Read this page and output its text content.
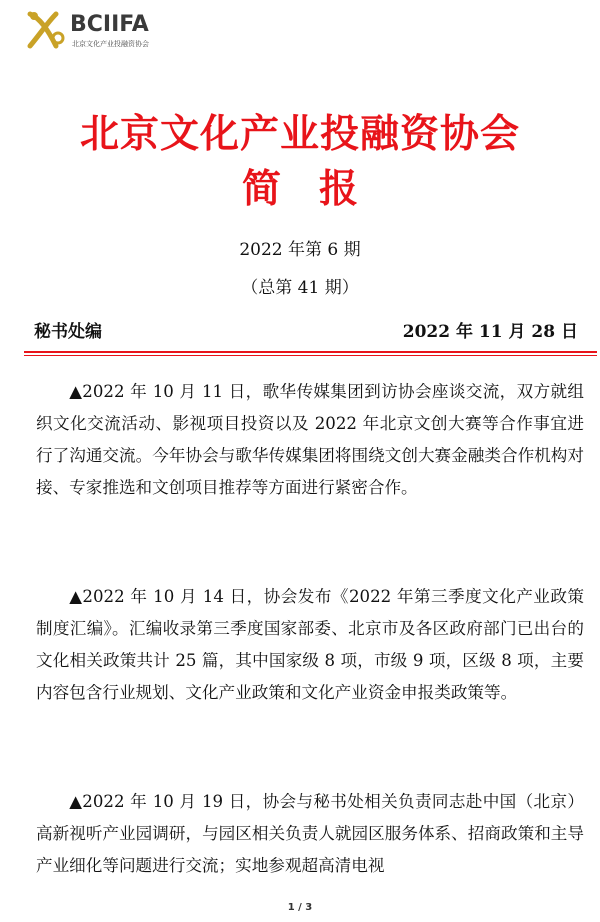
BCIIFA
北京文化产业投融资协会
北京文化产业投融资协会
简报
2022 年第 6 期
（总第 41 期）
秘书处编	2022 年 11 月 28 日

▲2022 年 10 月 11 日，歌华传媒集团到访协会座谈交流，双方就组织文化交流活动、影视项目投资以及 2022 年北京文创大赛等合作事宜进行了沟通交流。今年协会与歌华传媒集团将围绕文创大赛金融类合作机构对接、专家推选和文创项目推荐等方面进行紧密合作。

▲2022 年 10 月 14 日，协会发布《2022 年第三季度文化产业政策制度汇编》。汇编收录第三季度国家部委、北京市及各区政府部门已出台的文化相关政策共计 25 篇，其中国家级 8 项，市级 9 项，区级 8 项，主要内容包含行业规划、文化产业政策和文化产业资金申报类政策等。

▲2022 年 10 月 19 日，协会与秘书处相关负责同志赴中国（北京）高新视听产业园调研，与园区相关负责人就园区服务体系、招商政策和主导产业细化等问题进行交流；实地参观超高清电视

1 / 3
